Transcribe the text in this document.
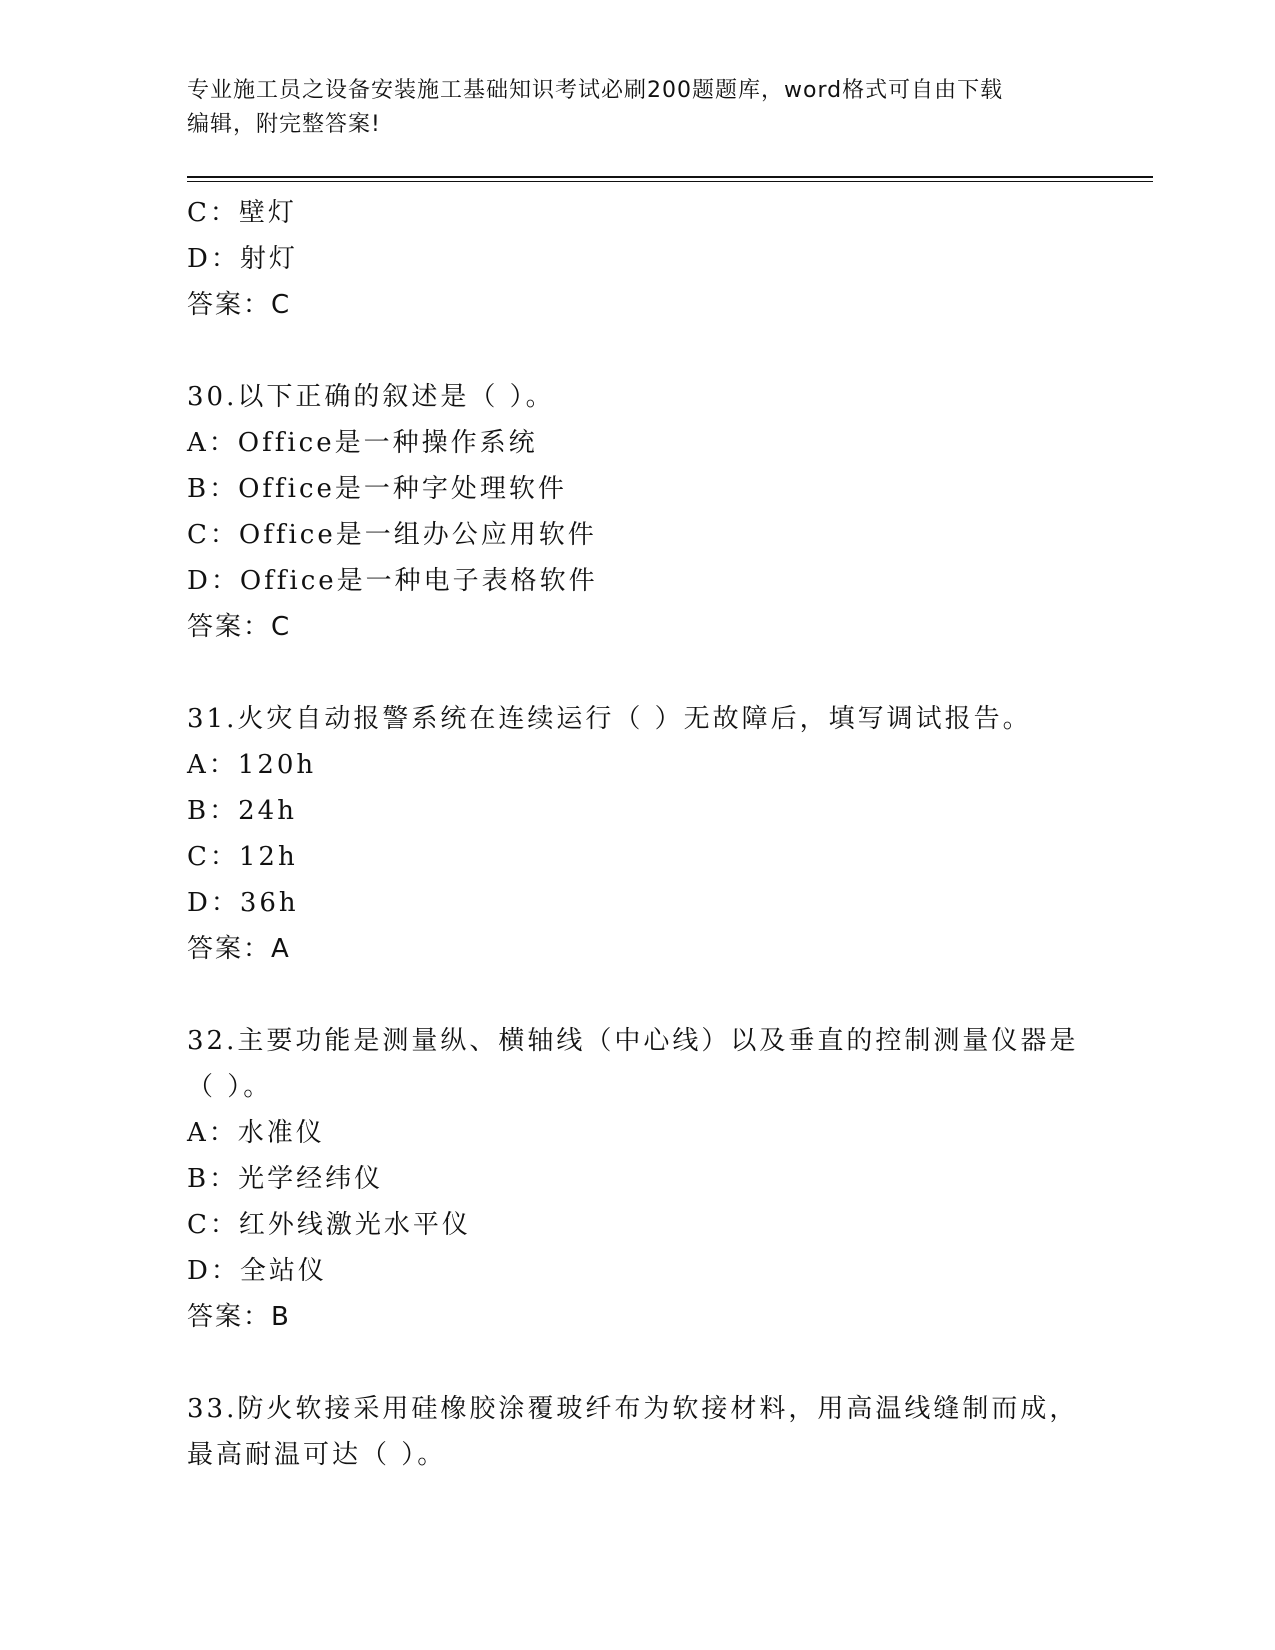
专业施工员之设备安装施工基础知识考试必刷200题题库，word格式可自由下载
编辑，附完整答案!
C：壁灯
D：射灯
答案：C
30.以下正确的叙述是（ ）。
A：Office是一种操作系统
B：Office是一种字处理软件
C：Office是一组办公应用软件
D：Office是一种电子表格软件
答案：C
31.火灾自动报警系统在连续运行（ ）无故障后，填写调试报告。
A：120h
B：24h
C：12h
D：36h
答案：A
32.主要功能是测量纵、横轴线（中心线）以及垂直的控制测量仪器是
（ ）。
A：水准仪
B：光学经纬仪
C：红外线激光水平仪
D：全站仪
答案：B
33.防火软接采用硅橡胶涂覆玻纤布为软接材料，用高温线缝制而成，
最高耐温可达（ ）。
